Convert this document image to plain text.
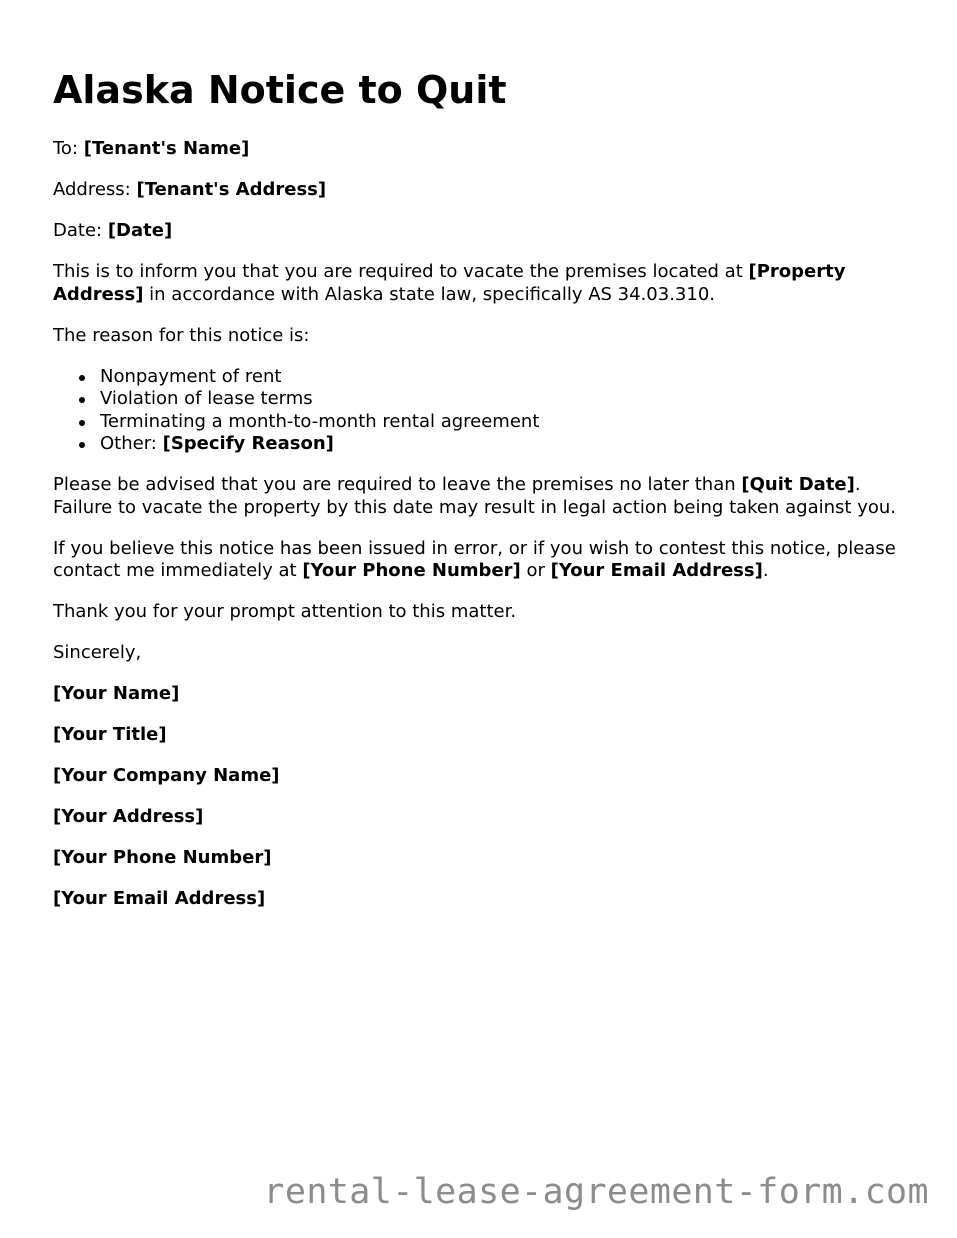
Alaska Notice to Quit

To: [Tenant's Name]

Address: [Tenant's Address]

Date: [Date]

This is to inform you that you are required to vacate the premises located at [Property Address] in accordance with Alaska state law, specifically AS 34.03.310.

The reason for this notice is:

Nonpayment of rent
Violation of lease terms
Terminating a month-to-month rental agreement
Other: [Specify Reason]

Please be advised that you are required to leave the premises no later than [Quit Date]. Failure to vacate the property by this date may result in legal action being taken against you.

If you believe this notice has been issued in error, or if you wish to contest this notice, please contact me immediately at [Your Phone Number] or [Your Email Address].

Thank you for your prompt attention to this matter.

Sincerely,

[Your Name]

[Your Title]

[Your Company Name]

[Your Address]

[Your Phone Number]

[Your Email Address]

rental-lease-agreement-form.com
